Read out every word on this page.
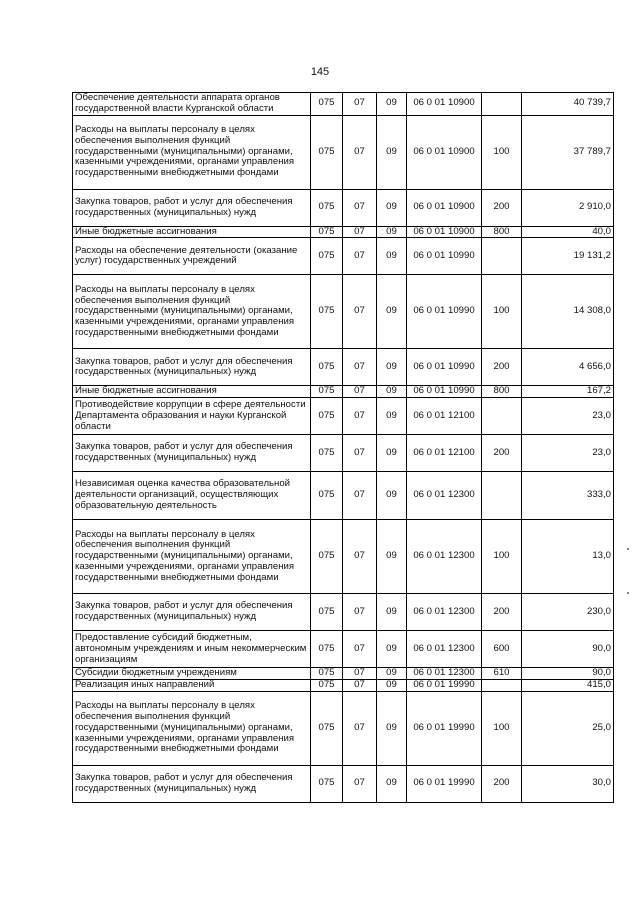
145
Обеспечение деятельности аппарата органов государственной власти Курганской области	075	07	09	06 0 01 10900		40 739,7
Расходы на выплаты персоналу в целях обеспечения выполнения функций государственными (муниципальными) органами, казенными учреждениями, органами управления государственными внебюджетными фондами	075	07	09	06 0 01 10900	100	37 789,7
Закупка товаров, работ и услуг для обеспечения государственных (муниципальных) нужд	075	07	09	06 0 01 10900	200	2 910,0
Иные бюджетные ассигнования	075	07	09	06 0 01 10900	800	40,0
Расходы на обеспечение деятельности (оказание услуг) государственных учреждений	075	07	09	06 0 01 10990		19 131,2
Расходы на выплаты персоналу в целях обеспечения выполнения функций государственными (муниципальными) органами, казенными учреждениями, органами управления государственными внебюджетными фондами	075	07	09	06 0 01 10990	100	14 308,0
Закупка товаров, работ и услуг для обеспечения государственных (муниципальных) нужд	075	07	09	06 0 01 10990	200	4 656,0
Иные бюджетные ассигнования	075	07	09	06 0 01 10990	800	167,2
Противодействие коррупции в сфере деятельности Департамента образования и науки Курганской области	075	07	09	06 0 01 12100		23,0
Закупка товаров, работ и услуг для обеспечения государственных (муниципальных) нужд	075	07	09	06 0 01 12100	200	23,0
Независимая оценка качества образовательной деятельности организаций, осуществляющих образовательную деятельность	075	07	09	06 0 01 12300		333,0
Расходы на выплаты персоналу в целях обеспечения выполнения функций государственными (муниципальными) органами, казенными учреждениями, органами управления государственными внебюджетными фондами	075	07	09	06 0 01 12300	100	13,0
Закупка товаров, работ и услуг для обеспечения государственных (муниципальных) нужд	075	07	09	06 0 01 12300	200	230,0
Предоставление субсидий бюджетным, автономным учреждениям и иным некоммерческим организациям	075	07	09	06 0 01 12300	600	90,0
Субсидии бюджетным учреждениям	075	07	09	06 0 01 12300	610	90,0
Реализация иных направлений	075	07	09	06 0 01 19990		415,0
Расходы на выплаты персоналу в целях обеспечения выполнения функций государственными (муниципальными) органами, казенными учреждениями, органами управления государственными внебюджетными фондами	075	07	09	06 0 01 19990	100	25,0
Закупка товаров, работ и услуг для обеспечения государственных (муниципальных) нужд	075	07	09	06 0 01 19990	200	30,0
